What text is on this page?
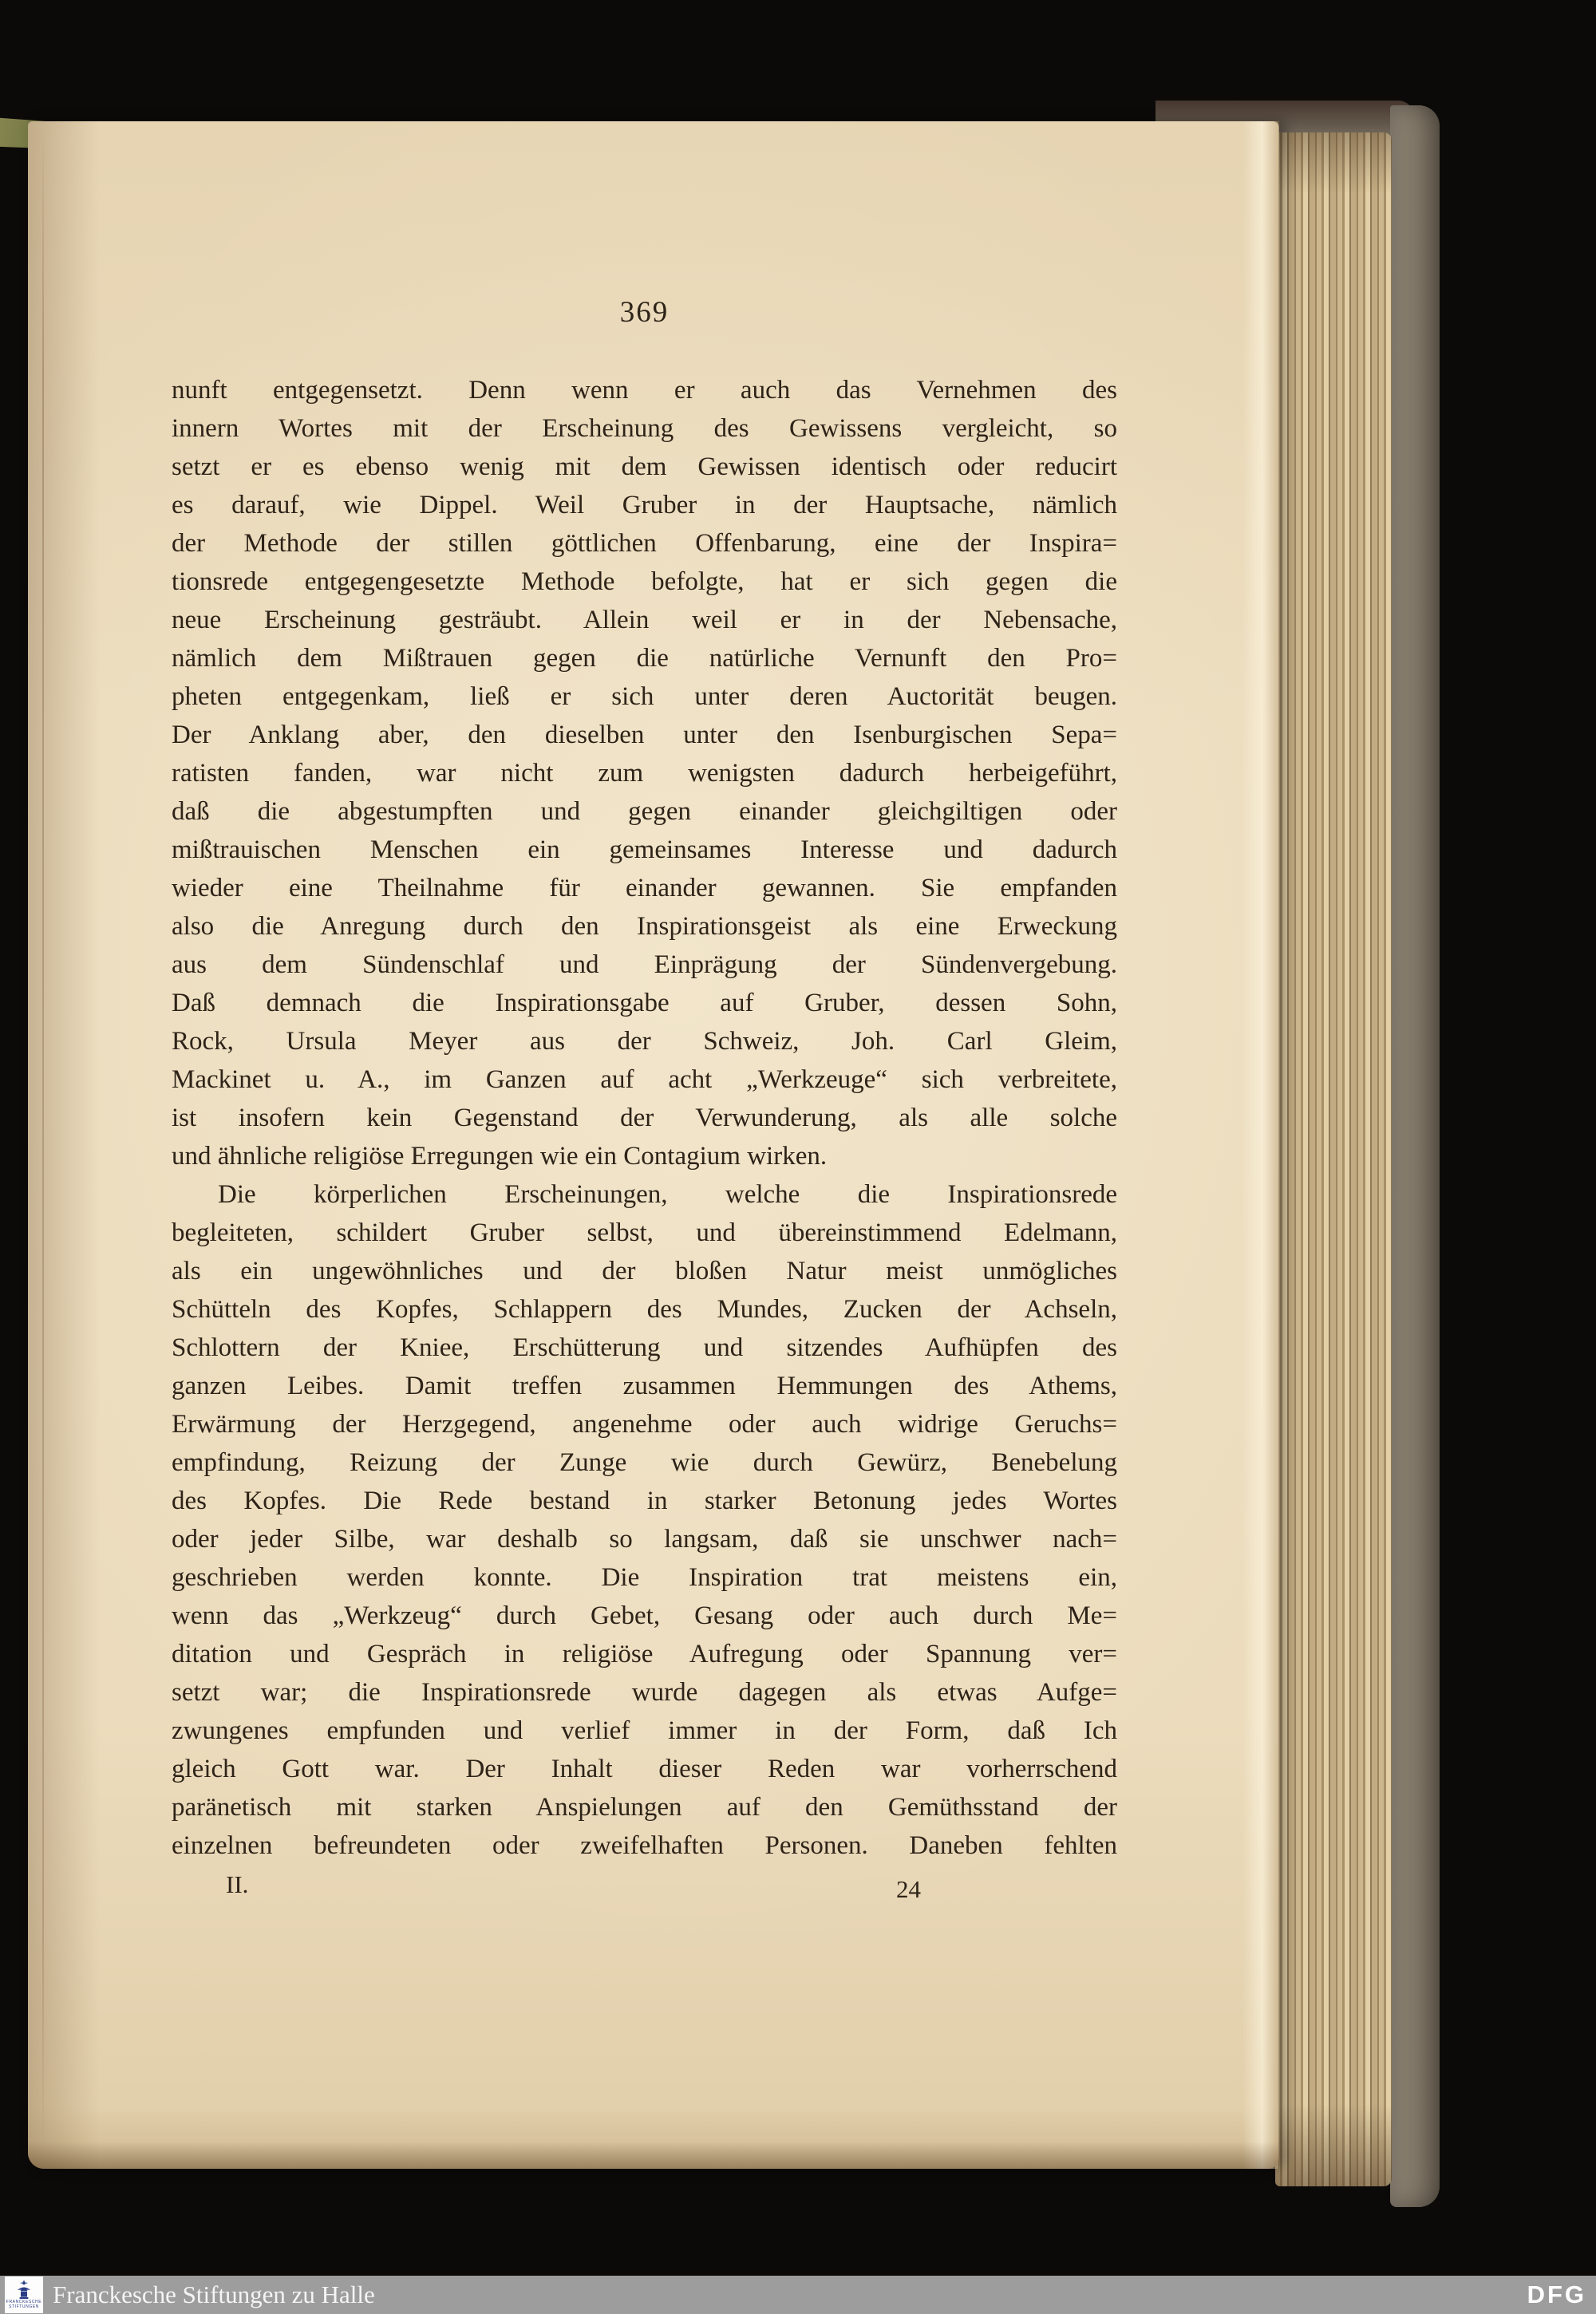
369
nunft entgegensetzt. Denn wenn er auch das Vernehmen des
innern Wortes mit der Erscheinung des Gewissens vergleicht, so
setzt er es ebenso wenig mit dem Gewissen identisch oder reducirt
es darauf, wie Dippel. Weil Gruber in der Hauptsache, nämlich
der Methode der stillen göttlichen Offenbarung, eine der Inspira=
tionsrede entgegengesetzte Methode befolgte, hat er sich gegen die
neue Erscheinung gesträubt. Allein weil er in der Nebensache,
nämlich dem Mißtrauen gegen die natürliche Vernunft den Pro=
pheten entgegenkam, ließ er sich unter deren Auctorität beugen.
Der Anklang aber, den dieselben unter den Isenburgischen Sepa=
ratisten fanden, war nicht zum wenigsten dadurch herbeigeführt,
daß die abgestumpften und gegen einander gleichgiltigen oder
mißtrauischen Menschen ein gemeinsames Interesse und dadurch
wieder eine Theilnahme für einander gewannen. Sie empfanden
also die Anregung durch den Inspirationsgeist als eine Erweckung
aus dem Sündenschlaf und Einprägung der Sündenvergebung.
Daß demnach die Inspirationsgabe auf Gruber, dessen Sohn,
Rock, Ursula Meyer aus der Schweiz, Joh. Carl Gleim,
Mackinet u. A., im Ganzen auf acht „Werkzeuge“ sich verbreitete,
ist insofern kein Gegenstand der Verwunderung, als alle solche
und ähnliche religiöse Erregungen wie ein Contagium wirken.
Die körperlichen Erscheinungen, welche die Inspirationsrede
begleiteten, schildert Gruber selbst, und übereinstimmend Edelmann,
als ein ungewöhnliches und der bloßen Natur meist unmögliches
Schütteln des Kopfes, Schlappern des Mundes, Zucken der Achseln,
Schlottern der Kniee, Erschütterung und sitzendes Aufhüpfen des
ganzen Leibes. Damit treffen zusammen Hemmungen des Athems,
Erwärmung der Herzgegend, angenehme oder auch widrige Geruchs=
empfindung, Reizung der Zunge wie durch Gewürz, Benebelung
des Kopfes. Die Rede bestand in starker Betonung jedes Wortes
oder jeder Silbe, war deshalb so langsam, daß sie unschwer nach=
geschrieben werden konnte. Die Inspiration trat meistens ein,
wenn das „Werkzeug“ durch Gebet, Gesang oder auch durch Me=
ditation und Gespräch in religiöse Aufregung oder Spannung ver=
setzt war; die Inspirationsrede wurde dagegen als etwas Aufge=
zwungenes empfunden und verlief immer in der Form, daß Ich
gleich Gott war. Der Inhalt dieser Reden war vorherrschend
paränetisch mit starken Anspielungen auf den Gemüthsstand der
einzelnen befreundeten oder zweifelhaften Personen. Daneben fehlten
II.	24
FRANCKESCHE
STIFTUNGEN Franckesche Stiftungen zu Halle	DFG
